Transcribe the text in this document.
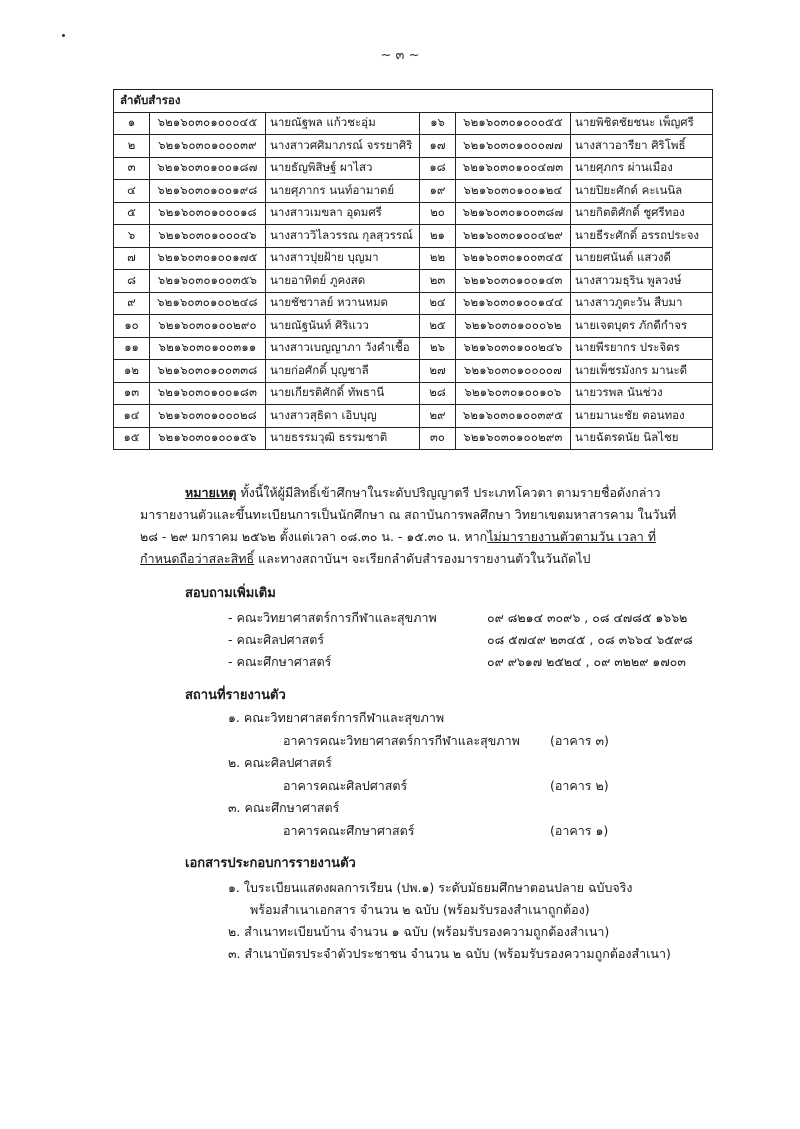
~ ๓ ~
ลำดับสำรอง					
๑	๖๒๑๖๐๓๐๑๐๐๐๔๕	นายณัฐพล แก้วชะอุ่ม	๑๖	๖๒๑๖๐๓๐๑๐๐๐๕๕	นายพิชิตชัยชนะ เพ็ญศรี
๒	๖๒๑๖๐๓๐๑๐๐๐๓๙	นางสาวศศิมาภรณ์ จรรยาศิริ	๑๗	๖๒๑๖๐๓๐๑๐๐๐๗๗	นางสาวอารียา ศิริโพธิ์
๓	๖๒๑๖๐๓๐๑๐๐๑๘๗	นายธัญพิสิษฐ์ ผาไสว	๑๘	๖๒๑๖๐๓๐๑๐๐๔๗๓	นายศุภกร ผ่านเมือง
๔	๖๒๑๖๐๓๐๑๐๐๑๙๘	นายศุภากร นนท์อามาตย์	๑๙	๖๒๑๖๐๓๐๑๐๐๑๒๔	นายปิยะศักด์ คะเนนิล
๕	๖๒๑๖๐๓๐๑๐๐๐๑๘	นางสาวเมขลา อุดมศรี	๒๐	๖๒๑๖๐๓๐๑๐๐๓๘๗	นายกิตติศักดิ์ ชูศรีทอง
๖	๖๒๑๖๐๓๐๑๐๐๐๔๖	นางสาววิไลวรรณ กุลสุวรรณ์	๒๑	๖๒๑๖๐๓๐๑๐๐๔๒๙	นายธีระศักดิ์ อรรถประจง
๗	๖๒๑๖๐๓๐๑๐๐๑๗๕	นางสาวปุยฝ้าย บุญมา	๒๒	๖๒๑๖๐๓๐๑๐๐๓๔๕	นายยศนันต์ แสวงดี
๘	๖๒๑๖๐๓๐๑๐๐๓๕๖	นายอาทิตย์ ภูคงสด	๒๓	๖๒๑๖๐๓๐๑๐๐๑๔๓	นางสาวมธุริน พูลวงษ์
๙	๖๒๑๖๐๓๐๑๐๐๒๔๘	นายชัชวาลย์ หวานหมด	๒๔	๖๒๑๖๐๓๐๑๐๐๑๔๔	นางสาวภูตะวัน สืบมา
๑๐	๖๒๑๖๐๓๐๑๐๐๒๙๐	นายณัฐนันท์ ศิริแวว	๒๕	๖๒๑๖๐๓๐๑๐๐๐๖๒	นายเจตบุตร ภักดีกำจร
๑๑	๖๒๑๖๐๓๐๑๐๐๓๑๑	นางสาวเบญญาภา วังคำเชื้อ	๒๖	๖๒๑๖๐๓๐๑๐๐๒๔๖	นายพีรยากร ประจิตร
๑๒	๖๒๑๖๐๓๐๑๐๐๓๓๘	นายก่อศักดิ์ บุญชาลี	๒๗	๖๒๑๖๐๓๐๑๐๐๐๐๗	นายเพ็ชรมังกร มานะดี
๑๓	๖๒๑๖๐๓๐๑๐๐๑๘๓	นายเกียรติศักดิ์ ทัพธานี	๒๘	๖๒๑๖๐๓๐๑๐๐๑๐๖	นายวรพล นันช่วง
๑๔	๖๒๑๖๐๓๐๑๐๐๐๒๘	นางสาวสุธิดา เอิบบุญ	๒๙	๖๒๑๖๐๓๐๑๐๐๓๙๕	นายมานะชัย ตอนทอง
๑๕	๖๒๑๖๐๓๐๑๐๐๑๕๖	นายธรรมวุฒิ ธรรมชาติ	๓๐	๖๒๑๖๐๓๐๑๐๐๒๙๓	นายฉัตรดนัย นิลไชย
หมายเหตุ ทั้งนี้ให้ผู้มีสิทธิ์เข้าศึกษาในระดับปริญญาตรี ประเภทโควตา ตามรายชื่อดังกล่าว
มารายงานตัวและขึ้นทะเบียนการเป็นนักศึกษา ณ สถาบันการพลศึกษา วิทยาเขตมหาสารคาม ในวันที่
๒๘ - ๒๙ มกราคม ๒๕๖๒ ตั้งแต่เวลา ๐๘.๓๐ น. - ๑๕.๓๐ น. หากไม่มารายงานตัวตามวัน เวลา ที่
กำหนดถือว่าสละสิทธิ์ และทางสถาบันฯ จะเรียกลำดับสำรองมารายงานตัวในวันถัดไป
สอบถามเพิ่มเติม
- คณะวิทยาศาสตร์การกีฬาและสุขภาพ	๐๙ ๘๒๑๔ ๓๐๙๖ , ๐๘ ๔๗๘๕ ๑๖๖๒
- คณะศิลปศาสตร์	๐๘ ๕๗๔๙ ๒๓๔๕ , ๐๘ ๓๖๖๔ ๖๕๙๘
- คณะศึกษาศาสตร์	๐๙ ๙๖๑๗ ๒๕๒๔ , ๐๙ ๓๒๒๙ ๑๗๐๓
สถานที่รายงานตัว
๑. คณะวิทยาศาสตร์การกีฬาและสุขภาพ
อาคารคณะวิทยาศาสตร์การกีฬาและสุขภาพ (อาคาร ๓)
๒. คณะศิลปศาสตร์
อาคารคณะศิลปศาสตร์	(อาคาร ๒)
๓. คณะศึกษาศาสตร์
อาคารคณะศึกษาศาสตร์	(อาคาร ๑)
เอกสารประกอบการรายงานตัว
๑. ใบระเบียนแสดงผลการเรียน (ปพ.๑) ระดับมัธยมศึกษาตอนปลาย ฉบับจริง
พร้อมสำเนาเอกสาร จำนวน ๒ ฉบับ (พร้อมรับรองสำเนาถูกต้อง)
๒. สำเนาทะเบียนบ้าน จำนวน ๑ ฉบับ (พร้อมรับรองความถูกต้องสำเนา)
๓. สำเนาบัตรประจำตัวประชาชน จำนวน ๒ ฉบับ (พร้อมรับรองความถูกต้องสำเนา)
